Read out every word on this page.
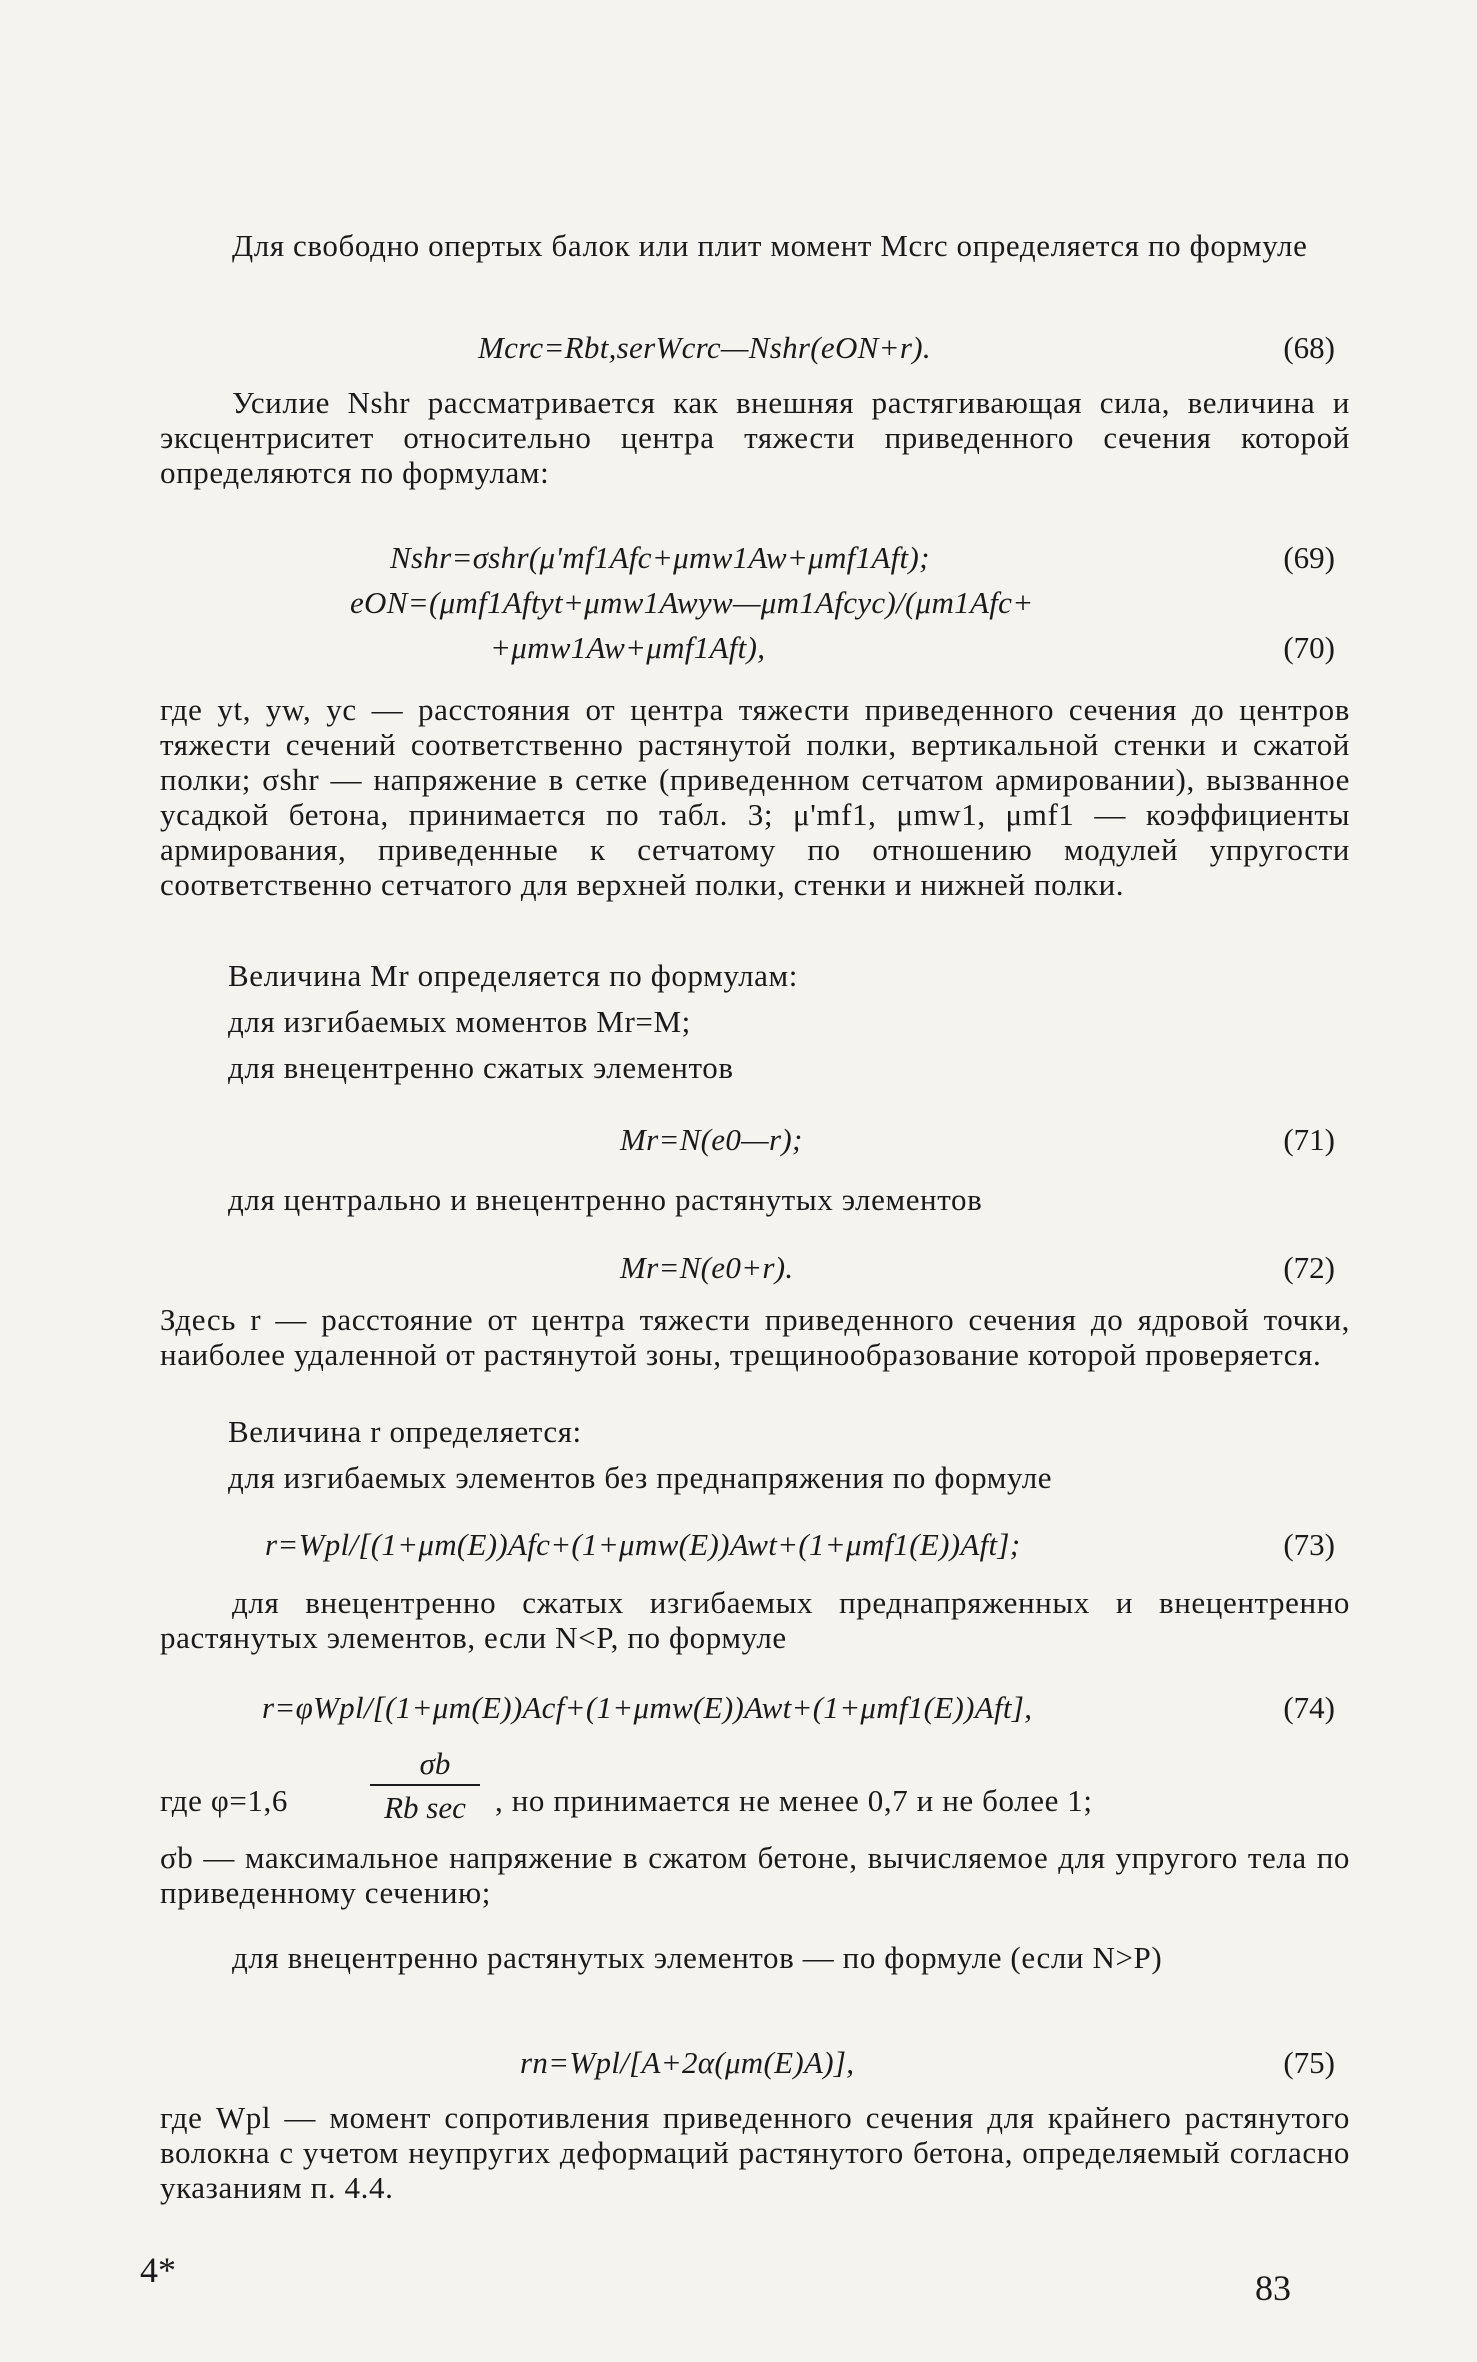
Для свободно опертых балок или плит момент Mcrc определяется по формуле
Mcrc=Rbt,serWcrc—Nshr(eON+r).	(68)
Усилие Nshr рассматривается как внешняя растягивающая сила, величина и эксцентриситет относительно центра тяжести приведенного сечения которой определяются по формулам:
Nshr=σshr(μ'mf1Afc+μmw1Aw+μmf1Aft);	(69)
eON=(μmf1Aftyt+μmw1Awyw—μm1Afcyc)/(μm1Afc+
+μmw1Aw+μmf1Aft),	(70)
где yt, yw, yc — расстояния от центра тяжести приведенного сечения до центров тяжести сечений соответственно растянутой полки, вертикальной стенки и сжатой полки; σshr — напряжение в сетке (приведенном сетчатом армировании), вызванное усадкой бетона, принимается по табл. 3; μ'mf1, μmw1, μmf1 — коэффициенты армирования, приведенные к сетчатому по отношению модулей упругости соответственно сетчатого для верхней полки, стенки и нижней полки.
Величина Mr определяется по формулам:
для изгибаемых моментов Mr=M;
для внецентренно сжатых элементов
Mr=N(e0—r);	(71)
для центрально и внецентренно растянутых элементов
Mr=N(e0+r).	(72)
Здесь r — расстояние от центра тяжести приведенного сечения до ядровой точки, наиболее удаленной от растянутой зоны, трещинообразование которой проверяется.
Величина r определяется:
для изгибаемых элементов без преднапряжения по формуле
r=Wpl/[(1+μm(E))Afc+(1+μmw(E))Awt+(1+μmf1(E))Aft];	(73)
для внецентренно сжатых изгибаемых преднапряженных и внецентренно растянутых элементов, если N<P, по формуле
r=φWpl/[(1+μm(E))Acf+(1+μmw(E))Awt+(1+μmf1(E))Aft],	(74)
где φ=1,6
σb
Rb sec , но принимается не менее 0,7 и не более 1;
σb — максимальное напряжение в сжатом бетоне, вычисляемое для упругого тела по приведенному сечению;
для внецентренно растянутых элементов — по формуле (если N>P)
rn=Wpl/[A+2α(μm(E)A)],	(75)
где Wpl — момент сопротивления приведенного сечения для крайнего растянутого волокна с учетом неупругих деформаций растянутого бетона, определяемый согласно указаниям п. 4.4.
4*	83
